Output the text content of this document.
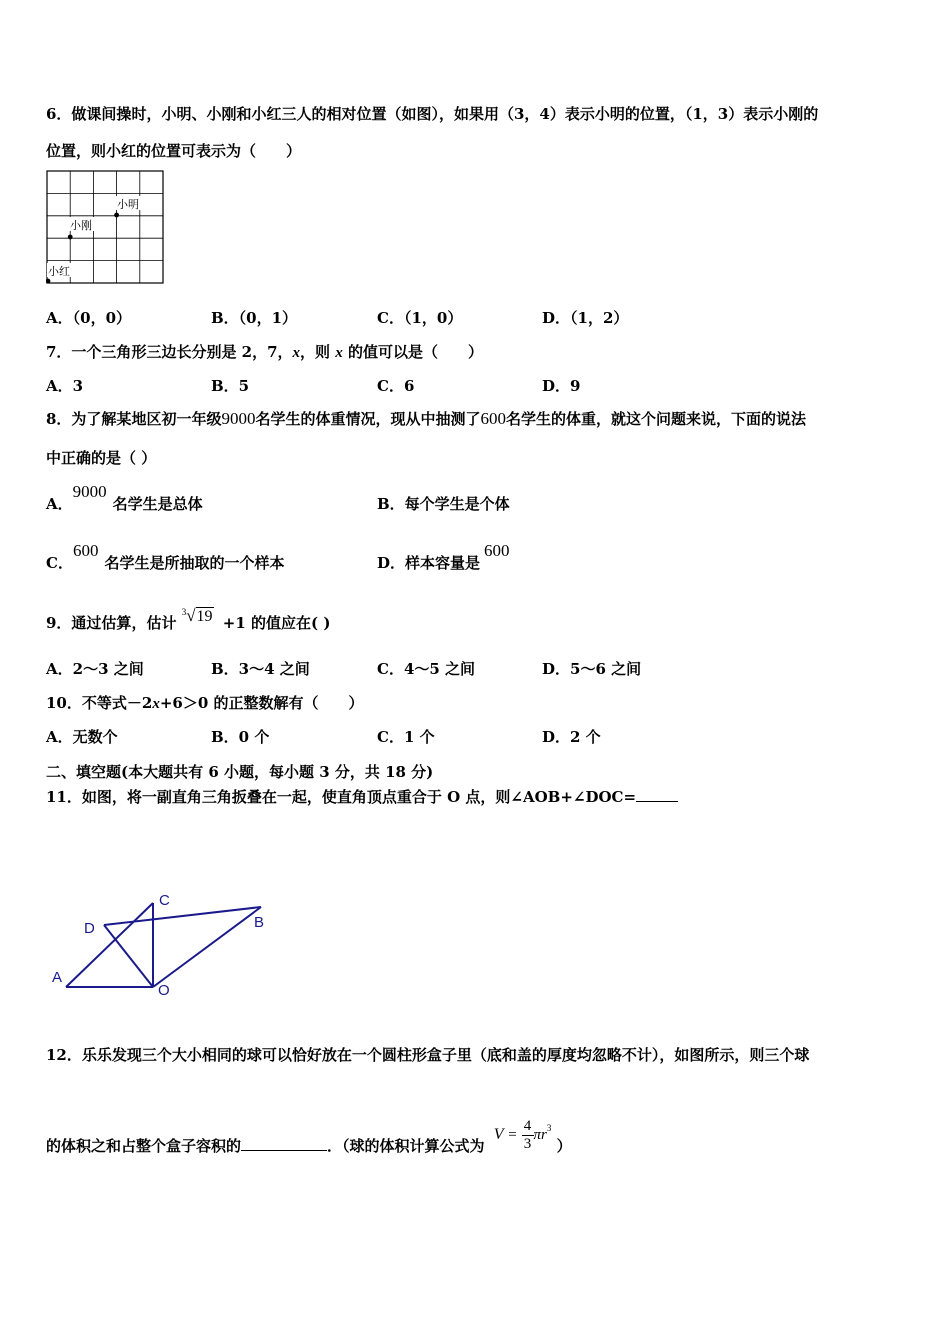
6．做课间操时，小明、小刚和小红三人的相对位置（如图），如果用（3，4）表示小明的位置，（1，3）表示小刚的
位置，则小红的位置可表示为（　　）
小明
小刚
小红
A．（0，0）	B．（0，1）	C．（1，0）	D．（1，2）
7．一个三角形三边长分别是 2，7，x，则 x 的值可以是（　　）
A．3	B．5	C．6	D．9
8．为了解某地区初一年级9000名学生的体重情况，现从中抽测了600名学生的体重，就这个问题来说，下面的说法
中正确的是（ ）
A．9000名学生是总体	B．每个学生是个体
C．600名学生是所抽取的一个样本	D．样本容量是600
9．通过估算，估计 $^3$√19 +1 的值应在( )
A．2～3 之间	B．3～4 之间	C．4～5 之间	D．5～6 之间
10．不等式－2x+6＞0 的正整数解有（　　）
A．无数个	B．0 个	C．1 个	D．2 个
二、填空题(本大题共有 6 小题，每小题 3 分，共 18 分)
11．如图，将一副直角三角扳叠在一起，使直角顶点重合于 O 点，则∠AOB+∠DOC=
A
B
C
D
O
12．乐乐发现三个大小相同的球可以恰好放在一个圆柱形盒子里（底和盖的厚度均忽略不计），如图所示，则三个球
的体积之和占整个盒子容积的	．（球的体积计算公式为 $V = \frac{4}{3} \pi r^3$ ）
